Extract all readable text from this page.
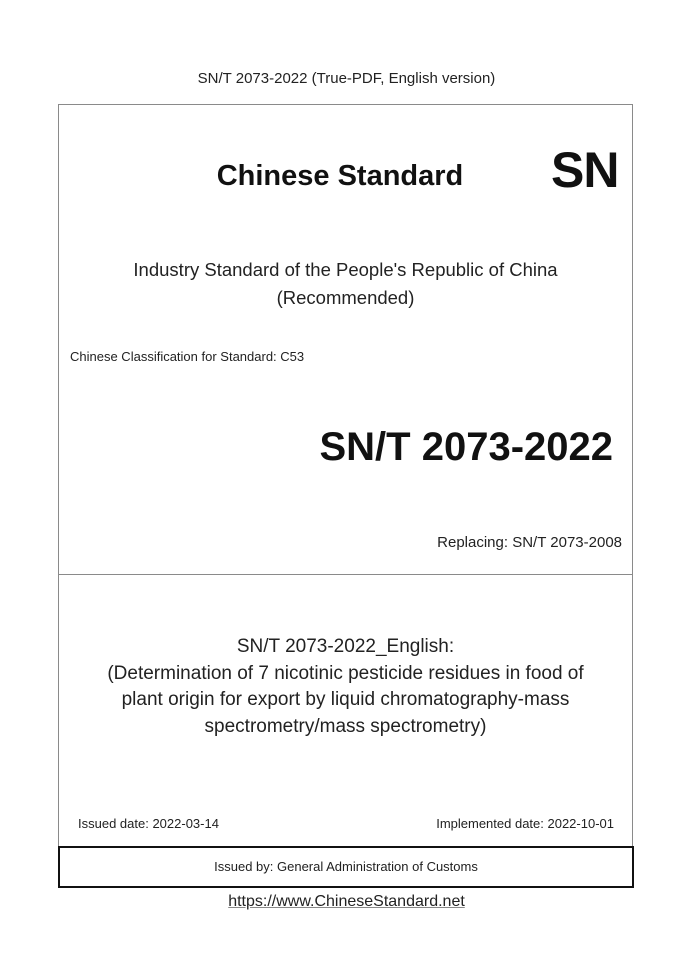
SN/T 2073-2022 (True-PDF, English version)
Issued by: General Administration of Customs
Chinese Standard	SN
Industry Standard of the People's Republic of China
(Recommended)
Chinese Classification for Standard: C53
SN/T 2073-2022
Replacing: SN/T 2073-2008
SN/T 2073-2022_English:
(Determination of 7 nicotinic pesticide residues in food of
plant origin for export by liquid chromatography-mass
spectrometry/mass spectrometry)
Issued date: 2022-03-14	Implemented date: 2022-10-01
https://www.ChineseStandard.net
